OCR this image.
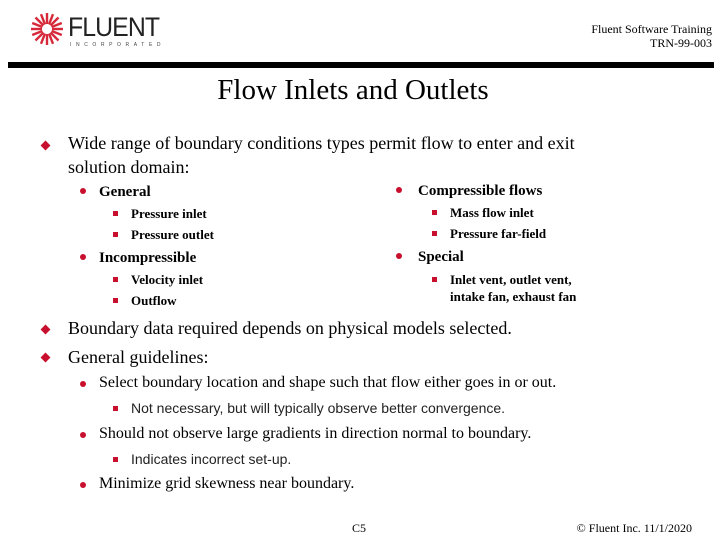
FLUENT
INCORPORATED
Fluent Software Training
TRN-99-003
Flow Inlets and Outlets
Wide range of boundary conditions types permit flow to enter and exit
solution domain:
General
Pressure inlet
Pressure outlet
Incompressible
Velocity inlet
Outflow
Compressible flows
Mass flow inlet
Pressure far-field
Special
Inlet vent, outlet vent,
intake fan, exhaust fan
Boundary data required depends on physical models selected.
General guidelines:
Select boundary location and shape such that flow either goes in or out.
Not necessary, but will typically observe better convergence.
Should not observe large gradients in direction normal to boundary.
Indicates incorrect set-up.
Minimize grid skewness near boundary.
C5	© Fluent Inc. 11/1/2020
